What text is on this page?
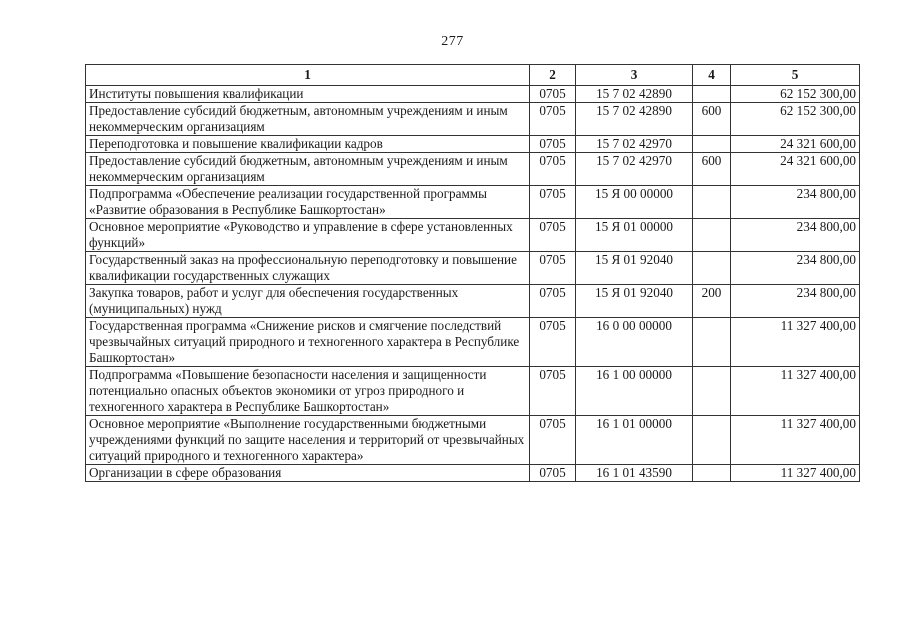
277
1	2	3	4	5
Институты повышения квалификации	0705	15 7 02 42890		62 152 300,00
Предоставление субсидий бюджетным, автономным учреждениям и иным некоммерческим организациям	0705	15 7 02 42890	600	62 152 300,00
Переподготовка и повышение квалификации кадров	0705	15 7 02 42970		24 321 600,00
Предоставление субсидий бюджетным, автономным учреждениям и иным некоммерческим организациям	0705	15 7 02 42970	600	24 321 600,00
Подпрограмма «Обеспечение реализации государственной программы «Развитие образования в Республике Башкортостан»	0705	15 Я 00 00000		234 800,00
Основное мероприятие «Руководство и управление в сфере установленных функций»	0705	15 Я 01 00000		234 800,00
Государственный заказ на профессиональную переподготовку и повышение квалификации государственных служащих	0705	15 Я 01 92040		234 800,00
Закупка товаров, работ и услуг для обеспечения государственных (муниципальных) нужд	0705	15 Я 01 92040	200	234 800,00
Государственная программа «Снижение рисков и смягчение последствий чрезвычайных ситуаций природного и техногенного характера в Республике Башкортостан»	0705	16 0 00 00000		11 327 400,00
Подпрограмма «Повышение безопасности населения и защищенности потенциально опасных объектов экономики от угроз природного и техногенного характера в Республике Башкортостан»	0705	16 1 00 00000		11 327 400,00
Основное мероприятие «Выполнение государственными бюджетными учреждениями функций по защите населения и территорий от чрезвычайных ситуаций природного и техногенного характера»	0705	16 1 01 00000		11 327 400,00
Организации в сфере образования	0705	16 1 01 43590		11 327 400,00
